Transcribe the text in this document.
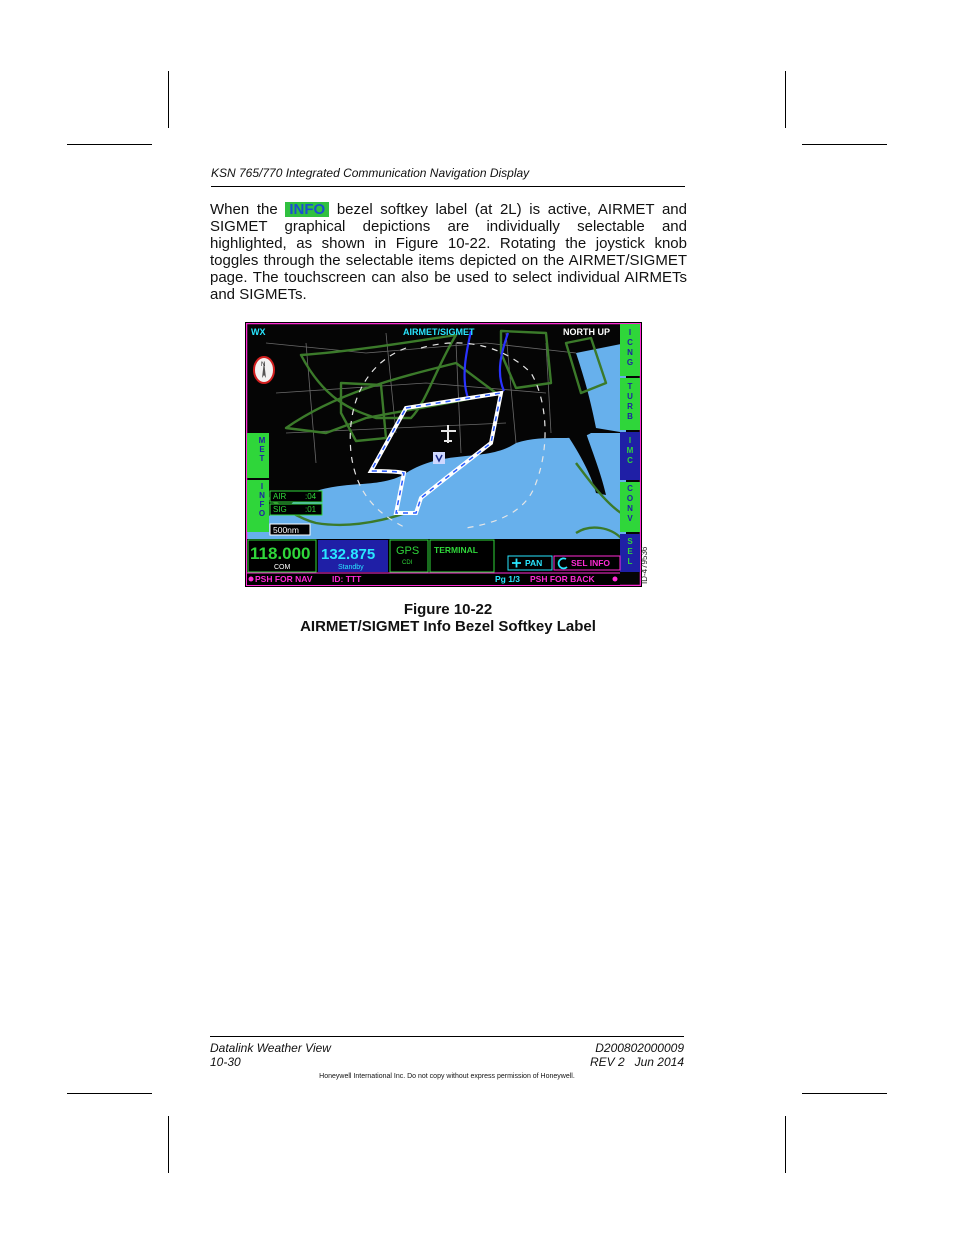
KSN 765/770 Integrated Communication Navigation Display

When the INFO bezel softkey label (at 2L) is active, AIRMET and SIGMET graphical depictions are individually selectable and highlighted, as shown in Figure 10‑22. Rotating the joystick knob toggles through the selectable items depicted on the AIRMET/SIGMET page. The touchscreen can also be used to select individual AIRMETs and SIGMETs.

WX	AIRMET/SIGMET	NORTH UP
N
M E T
I N F O
AIR :04
SIG :01
500nm
I C N G
T U R B
I M C
C O N V
S E L
118.000
COM
132.875
Standby
GPS
CDI
TERMINAL
PAN	SEL INFO
PSH FOR NAV ID: TTT	Pg 1/3 PSH FOR BACK	ID-479536
Figure 10‑22
AIRMET/SIGMET Info Bezel Softkey Label
Datalink Weather View
10-30
D200802000009
REV 2   Jun 2014
Honeywell International Inc. Do not copy without express permission of Honeywell.
